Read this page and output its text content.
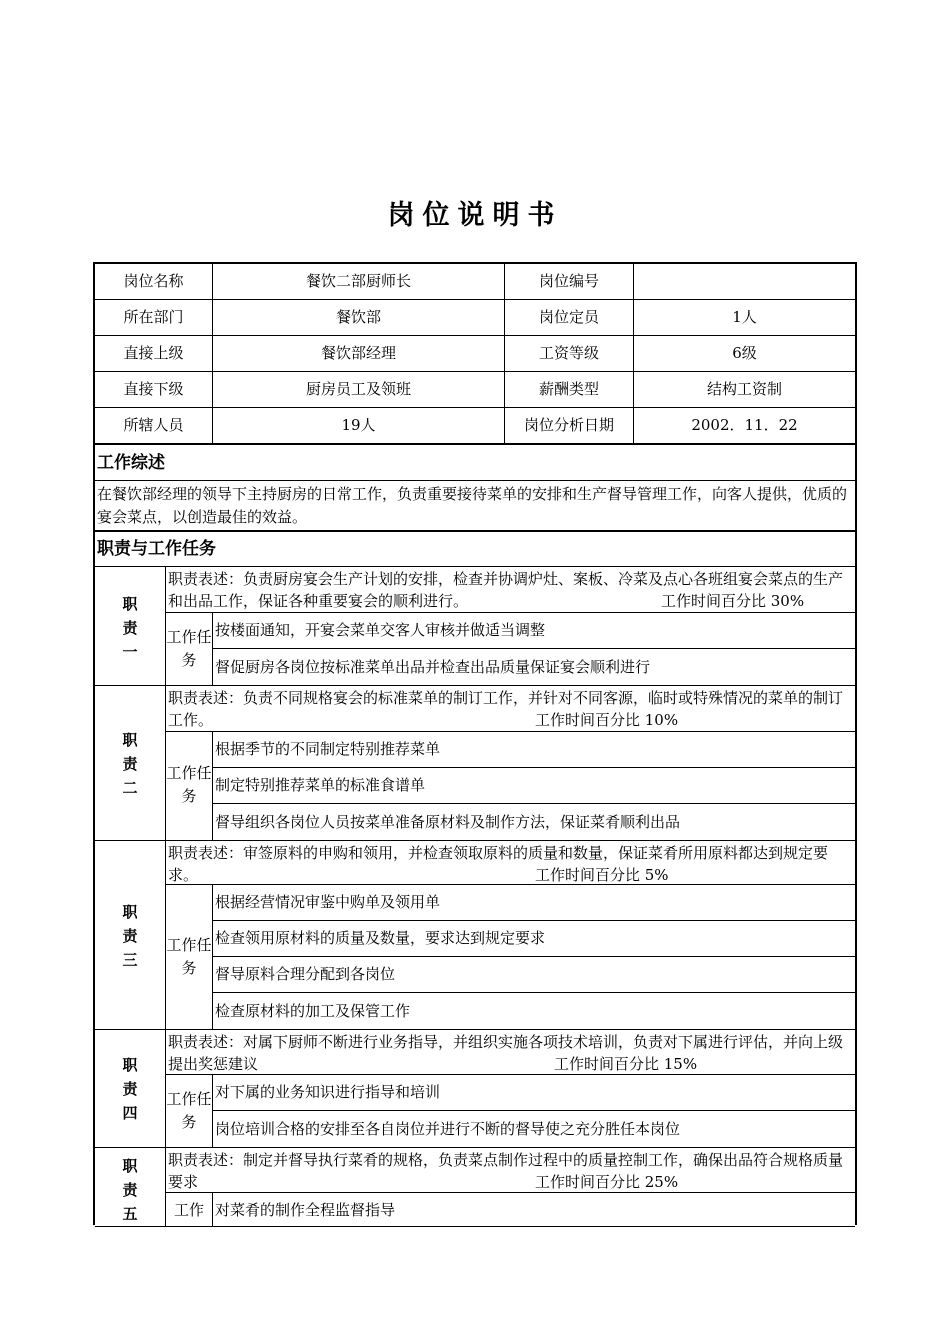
岗位说明书
岗位名称	餐饮二部厨师长	岗位编号
所在部门	餐饮部	岗位定员	1人
直接上级	餐饮部经理	工资等级	6级
直接下级	厨房员工及领班	薪酬类型	结构工资制
所辖人员	19人	岗位分析日期	2002．11．22
工作综述
在餐饮部经理的领导下主持厨房的日常工作，负责重要接待菜单的安排和生产督导管理工作，向客人提供，优质的宴会菜点，以创造最佳的效益。
职责与工作任务
职责一
职责表述：负责厨房宴会生产计划的安排，检查并协调炉灶、案板、冷菜及点心各班组宴会菜点的生产和出品工作，保证各种重要宴会的顺利进行。	工作时间百分比 30%
工作任务
按楼面通知，开宴会菜单交客人审核并做适当调整
督促厨房各岗位按标准菜单出品并检查出品质量保证宴会顺利进行
职责二
职责表述：负责不同规格宴会的标准菜单的制订工作，并针对不同客源，临时或特殊情况的菜单的制订工作。	工作时间百分比 10%
工作任务
根据季节的不同制定特别推荐菜单
制定特别推荐菜单的标准食谱单
督导组织各岗位人员按菜单准备原材料及制作方法，保证菜肴顺利出品
职责三
职责表述：审签原料的申购和领用，并检查领取原料的质量和数量，保证菜肴所用原料都达到规定要求。	工作时间百分比 5%
工作任务
根据经营情况审鉴中购单及领用单
检查领用原材料的质量及数量，要求达到规定要求
督导原料合理分配到各岗位
检查原材料的加工及保管工作
职责四
职责表述：对属下厨师不断进行业务指导，并组织实施各项技术培训，负责对下属进行评估，并向上级提出奖惩建议	工作时间百分比 15%
工作任务
对下属的业务知识进行指导和培训
岗位培训合格的安排至各自岗位并进行不断的督导使之充分胜任本岗位
职责五
职责表述：制定并督导执行菜肴的规格，负责菜点制作过程中的质量控制工作，确保出品符合规格质量要求	工作时间百分比 25%
工作 对菜肴的制作全程监督指导
